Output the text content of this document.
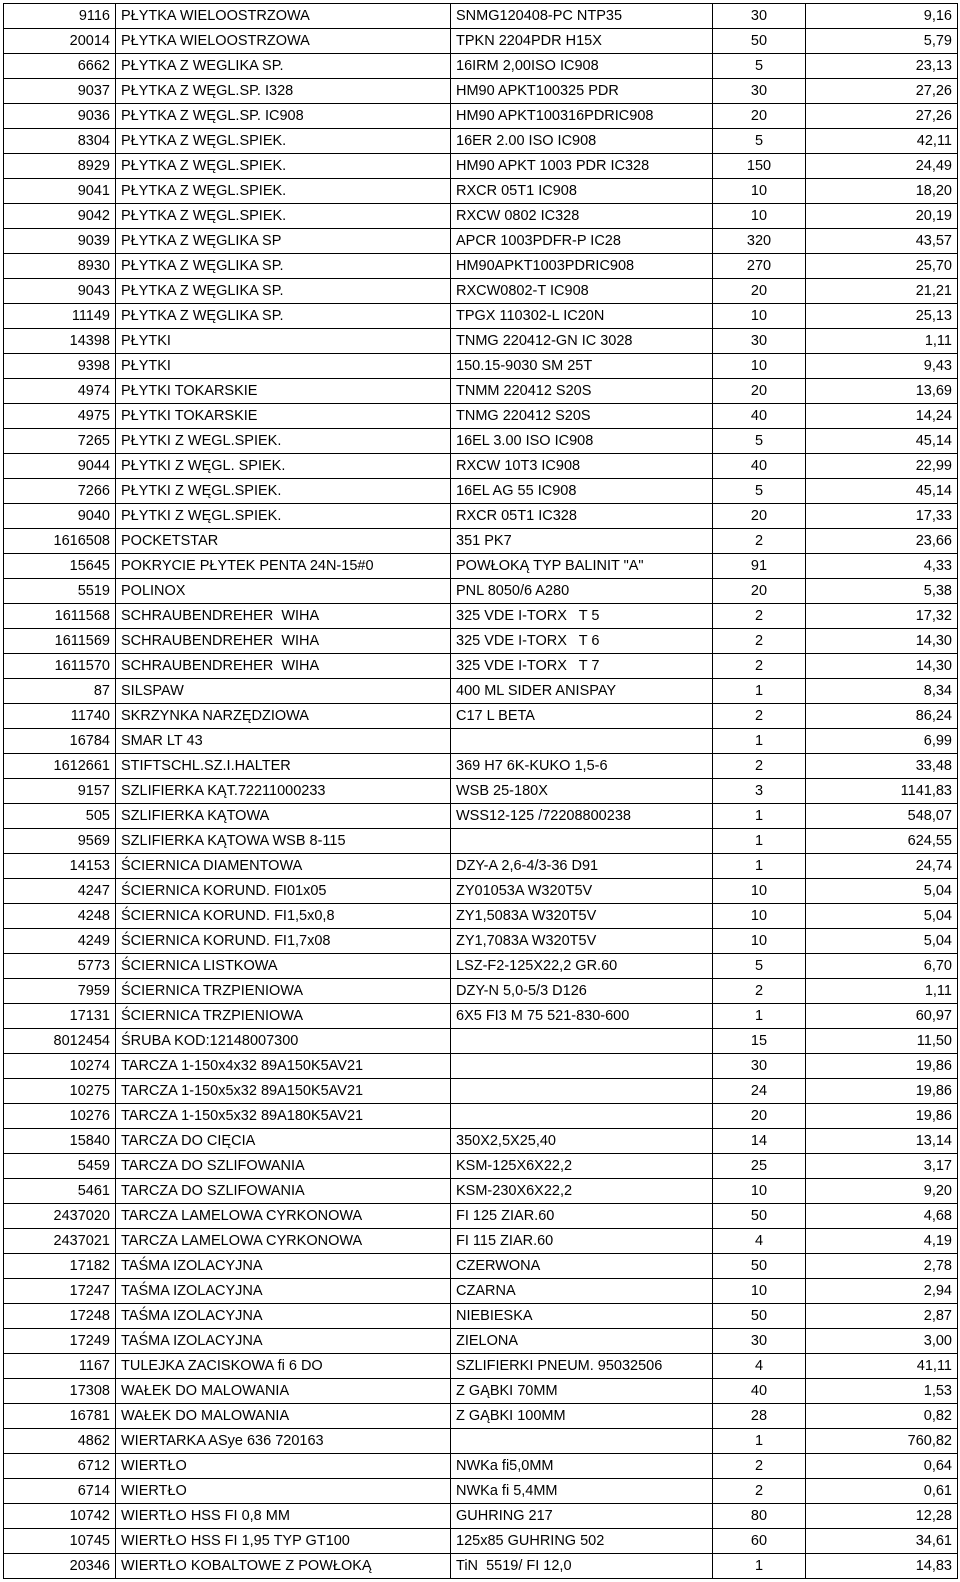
9116	PŁYTKA WIELOOSTRZOWA	SNMG120408-PC NTP35	30	9,16
20014	PŁYTKA WIELOOSTRZOWA	TPKN 2204PDR H15X	50	5,79
6662	PŁYTKA Z WEGLIKA SP.	16IRM 2,00ISO IC908	5	23,13
9037	PŁYTKA Z WĘGL.SP. I328	HM90 APKT100325 PDR	30	27,26
9036	PŁYTKA Z WĘGL.SP. IC908	HM90 APKT100316PDRIC908	20	27,26
8304	PŁYTKA Z WĘGL.SPIEK.	16ER 2.00 ISO IC908	5	42,11
8929	PŁYTKA Z WĘGL.SPIEK.	HM90 APKT 1003 PDR IC328	150	24,49
9041	PŁYTKA Z WĘGL.SPIEK.	RXCR 05T1 IC908	10	18,20
9042	PŁYTKA Z WĘGL.SPIEK.	RXCW 0802 IC328	10	20,19
9039	PŁYTKA Z WĘGLIKA SP	APCR 1003PDFR-P IC28	320	43,57
8930	PŁYTKA Z WĘGLIKA SP.	HM90APKT1003PDRIC908	270	25,70
9043	PŁYTKA Z WĘGLIKA SP.	RXCW0802-T IC908	20	21,21
11149	PŁYTKA Z WĘGLIKA SP.	TPGX 110302-L IC20N	10	25,13
14398	PŁYTKI	TNMG 220412-GN IC 3028	30	1,11
9398	PŁYTKI	150.15-9030 SM 25T	10	9,43
4974	PŁYTKI TOKARSKIE	TNMM 220412 S20S	20	13,69
4975	PŁYTKI TOKARSKIE	TNMG 220412 S20S	40	14,24
7265	PŁYTKI Z WEGL.SPIEK.	16EL 3.00 ISO IC908	5	45,14
9044	PŁYTKI Z WĘGL. SPIEK.	RXCW 10T3 IC908	40	22,99
7266	PŁYTKI Z WĘGL.SPIEK.	16EL AG 55 IC908	5	45,14
9040	PŁYTKI Z WĘGL.SPIEK.	RXCR 05T1 IC328	20	17,33
1616508	POCKETSTAR	351 PK7	2	23,66
15645	POKRYCIE PŁYTEK PENTA 24N-15#0	POWŁOKĄ TYP BALINIT "A"	91	4,33
5519	POLINOX	PNL 8050/6 A280	20	5,38
1611568	SCHRAUBENDREHER  WIHA	325 VDE I-TORX   T 5	2	17,32
1611569	SCHRAUBENDREHER  WIHA	325 VDE I-TORX   T 6	2	14,30
1611570	SCHRAUBENDREHER  WIHA	325 VDE I-TORX   T 7	2	14,30
87	SILSPAW	400 ML SIDER ANISPAY	1	8,34
11740	SKRZYNKA NARZĘDZIOWA	C17 L BETA	2	86,24
16784	SMAR LT 43		1	6,99
1612661	STIFTSCHL.SZ.I.HALTER	369 H7 6K-KUKO 1,5-6	2	33,48
9157	SZLIFIERKA KĄT.72211000233	WSB 25-180X	3	1141,83
505	SZLIFIERKA KĄTOWA	WSS12-125 /72208800238	1	548,07
9569	SZLIFIERKA KĄTOWA WSB 8-115		1	624,55
14153	ŚCIERNICA DIAMENTOWA	DZY-A 2,6-4/3-36 D91	1	24,74
4247	ŚCIERNICA KORUND. FI01x05	ZY01053A W320T5V	10	5,04
4248	ŚCIERNICA KORUND. FI1,5x0,8	ZY1,5083A W320T5V	10	5,04
4249	ŚCIERNICA KORUND. FI1,7x08	ZY1,7083A W320T5V	10	5,04
5773	ŚCIERNICA LISTKOWA	LSZ-F2-125X22,2 GR.60	5	6,70
7959	ŚCIERNICA TRZPIENIOWA	DZY-N 5,0-5/3 D126	2	1,11
17131	ŚCIERNICA TRZPIENIOWA	6X5 FI3 M 75 521-830-600	1	60,97
8012454	ŚRUBA KOD:12148007300		15	11,50
10274	TARCZA 1-150x4x32 89A150K5AV21		30	19,86
10275	TARCZA 1-150x5x32 89A150K5AV21		24	19,86
10276	TARCZA 1-150x5x32 89A180K5AV21		20	19,86
15840	TARCZA DO CIĘCIA	350X2,5X25,40	14	13,14
5459	TARCZA DO SZLIFOWANIA	KSM-125X6X22,2	25	3,17
5461	TARCZA DO SZLIFOWANIA	KSM-230X6X22,2	10	9,20
2437020	TARCZA LAMELOWA CYRKONOWA	FI 125 ZIAR.60	50	4,68
2437021	TARCZA LAMELOWA CYRKONOWA	FI 115 ZIAR.60	4	4,19
17182	TAŚMA IZOLACYJNA	CZERWONA	50	2,78
17247	TAŚMA IZOLACYJNA	CZARNA	10	2,94
17248	TAŚMA IZOLACYJNA	NIEBIESKA	50	2,87
17249	TAŚMA IZOLACYJNA	ZIELONA	30	3,00
1167	TULEJKA ZACISKOWA fi 6 DO	SZLIFIERKI PNEUM. 95032506	4	41,11
17308	WAŁEK DO MALOWANIA	Z GĄBKI 70MM	40	1,53
16781	WAŁEK DO MALOWANIA	Z GĄBKI 100MM	28	0,82
4862	WIERTARKA ASye 636 720163		1	760,82
6712	WIERTŁO	NWKa fi5,0MM	2	0,64
6714	WIERTŁO	NWKa fi 5,4MM	2	0,61
10742	WIERTŁO HSS FI 0,8 MM	GUHRING 217	80	12,28
10745	WIERTŁO HSS FI 1,95 TYP GT100	125x85 GUHRING 502	60	34,61
20346	WIERTŁO KOBALTOWE Z POWŁOKĄ	TiN  5519/ FI 12,0	1	14,83
